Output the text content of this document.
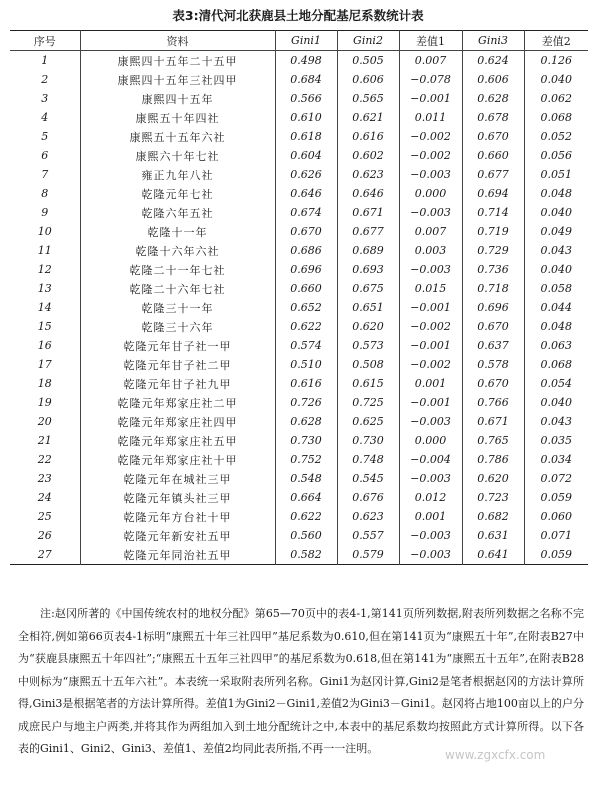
表3:清代河北获鹿县土地分配基尼系数统计表
序号	资料	Gini1	Gini2	差值1	Gini3	差值2
1	康熙四十五年二十五甲	0.498	0.505	0.007	0.624	0.126
2	康熙四十五年三社四甲	0.684	0.606	−0.078	0.606	0.040
3	康熙四十五年	0.566	0.565	−0.001	0.628	0.062
4	康熙五十年四社	0.610	0.621	0.011	0.678	0.068
5	康熙五十五年六社	0.618	0.616	−0.002	0.670	0.052
6	康熙六十年七社	0.604	0.602	−0.002	0.660	0.056
7	雍正九年八社	0.626	0.623	−0.003	0.677	0.051
8	乾隆元年七社	0.646	0.646	0.000	0.694	0.048
9	乾隆六年五社	0.674	0.671	−0.003	0.714	0.040
10	乾隆十一年	0.670	0.677	0.007	0.719	0.049
11	乾隆十六年六社	0.686	0.689	0.003	0.729	0.043
12	乾隆二十一年七社	0.696	0.693	−0.003	0.736	0.040
13	乾隆二十六年七社	0.660	0.675	0.015	0.718	0.058
14	乾隆三十一年	0.652	0.651	−0.001	0.696	0.044
15	乾隆三十六年	0.622	0.620	−0.002	0.670	0.048
16	乾隆元年甘子社一甲	0.574	0.573	−0.001	0.637	0.063
17	乾隆元年甘子社二甲	0.510	0.508	−0.002	0.578	0.068
18	乾隆元年甘子社九甲	0.616	0.615	0.001	0.670	0.054
19	乾隆元年郑家庄社二甲	0.726	0.725	−0.001	0.766	0.040
20	乾隆元年郑家庄社四甲	0.628	0.625	−0.003	0.671	0.043
21	乾隆元年郑家庄社五甲	0.730	0.730	0.000	0.765	0.035
22	乾隆元年郑家庄社十甲	0.752	0.748	−0.004	0.786	0.034
23	乾隆元年在城社三甲	0.548	0.545	−0.003	0.620	0.072
24	乾隆元年镇头社三甲	0.664	0.676	0.012	0.723	0.059
25	乾隆元年方台社十甲	0.622	0.623	0.001	0.682	0.060
26	乾隆元年新安社五甲	0.560	0.557	−0.003	0.631	0.071
27	乾隆元年同治社五甲	0.582	0.579	−0.003	0.641	0.059
注:赵冈所著的《中国传统农村的地权分配》第65—70页中的表4-1,第141页所列数据,附表所列数据之名称不完全相符,例如第66页表4-1标明“康熙五十年三社四甲”基尼系数为0.610,但在第141页为“康熙五十年”,在附表B27中为“获鹿县康熙五十年四社”;“康熙五十五年三社四甲”的基尼系数为0.618,但在第141为“康熙五十五年”,在附表B28中则标为“康熙五十五年六社”。本表统一采取附表所列名称。Gini1为赵冈计算,Gini2是笔者根据赵冈的方法计算所得,Gini3是根据笔者的方法计算所得。差值1为Gini2－Gini1,差值2为Gini3－Gini1。赵冈将占地100亩以上的户分成庶民户与地主户两类,并将其作为两组加入到土地分配统计之中,本表中的基尼系数均按照此方式计算所得。以下各表的Gini1、Gini2、Gini3、差值1、差值2均同此表所指,不再一一注明。	www.zgxcfx.com
